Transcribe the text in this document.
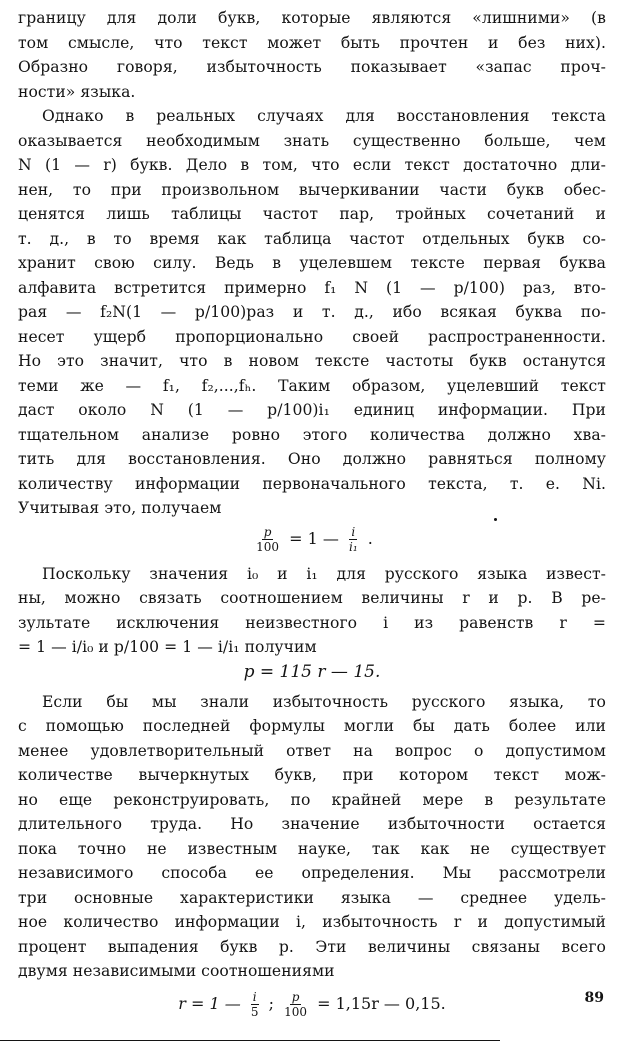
границу для доли букв, которые являются «лишними» (в
том смысле, что текст может быть прочтен и без них).
Образно говоря, избыточность показывает «запас проч-
ности» языка.
Однако в реальных случаях для восстановления текста
оказывается необходимым знать существенно больше, чем
N (1 — r) букв. Дело в том, что если текст достаточно дли-
нен, то при произвольном вычеркивании части букв обес-
ценятся лишь таблицы частот пар, тройных сочетаний и
т. д., в то время как таблица частот отдельных букв со-
хранит свою силу. Ведь в уцелевшем тексте первая буква
алфавита встретится примерно f₁ N (1 — p/100) раз, вто-
рая — f₂N(1 — p/100)раз и т. д., ибо всякая буква по-
несет ущерб пропорционально своей распространенности.
Но это значит, что в новом тексте частоты букв останутся
теми же — f₁, f₂,...,fₕ. Таким образом, уцелевший текст
даст около N (1 — p/100)i₁ единиц информации. При
тщательном анализе ровно этого количества должно хва-
тить для восстановления. Оно должно равняться полному
количеству информации первоначального текста, т. е. Ni.
Учитывая это, получаем
$\frac{p}{100} = 1$ — $\frac{i}{\text{i₁}}$ .
Поскольку значения i₀ и i₁ для русского языка извест-
ны, можно связать соотношением величины r и p. В ре-
зультате исключения неизвестного i из равенств r =
= 1 — i/i₀ и p/100 = 1 — i/i₁ получим
p = 115 r — 15.
Если бы мы знали избыточность русского языка, то
с помощью последней формулы могли бы дать более или
менее удовлетворительный ответ на вопрос о допустимом
количестве вычеркнутых букв, при котором текст мож-
но еще реконструировать, по крайней мере в результате
длительного труда. Но значение избыточности остается
пока точно не известным науке, так как не существует
независимого способа ее определения. Мы рассмотрели
три основные характеристики языка — среднее удель-
ное количество информации i, избыточность r и допустимый
процент выпадения букв p. Эти величины связаны всего
двумя независимыми соотношениями
r = 1 — $\frac{i}{5}$ ; $\frac{p}{100} = 1,15r$ — 0,15.	89
